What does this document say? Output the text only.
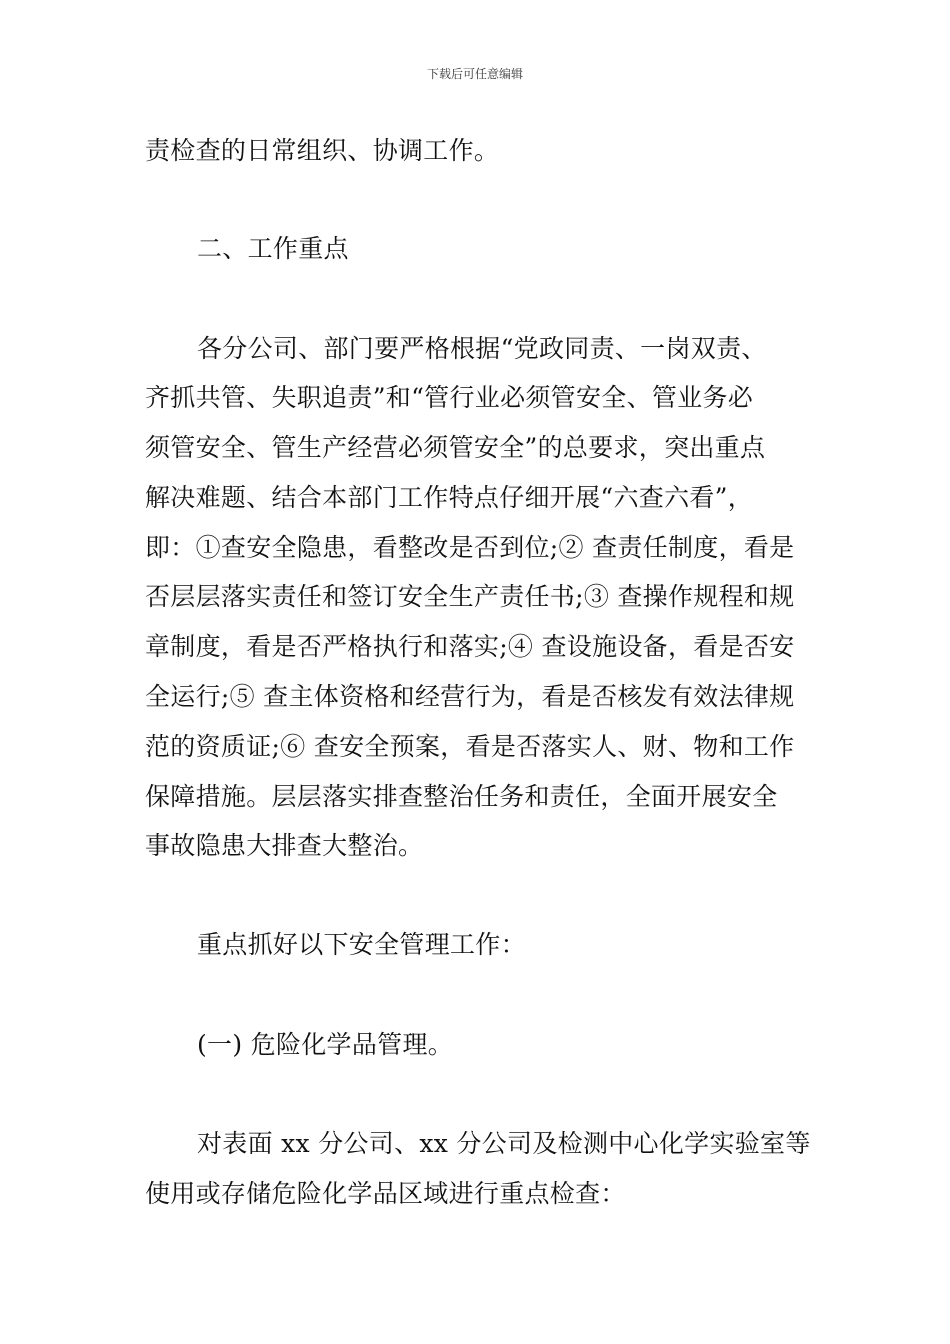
下载后可任意编辑
责检查的日常组织、协调工作。
二、工作重点
各分公司、部门要严格根据“党政同责、一岗双责、
齐抓共管、失职追责”和“管行业必须管安全、管业务必
须管安全、管生产经营必须管安全”的总要求，突出重点
解决难题、结合本部门工作特点仔细开展“六查六看”，
即：①查安全隐患，看整改是否到位;② 查责任制度，看是
否层层落实责任和签订安全生产责任书;③ 查操作规程和规
章制度，看是否严格执行和落实;④ 查设施设备，看是否安
全运行;⑤ 查主体资格和经营行为，看是否核发有效法律规
范的资质证;⑥ 查安全预案，看是否落实人、财、物和工作
保障措施。层层落实排查整治任务和责任，全面开展安全
事故隐患大排查大整治。
重点抓好以下安全管理工作：
(一) 危险化学品管理。
对表面 xx 分公司、xx 分公司及检测中心化学实验室等
使用或存储危险化学品区域进行重点检查：
